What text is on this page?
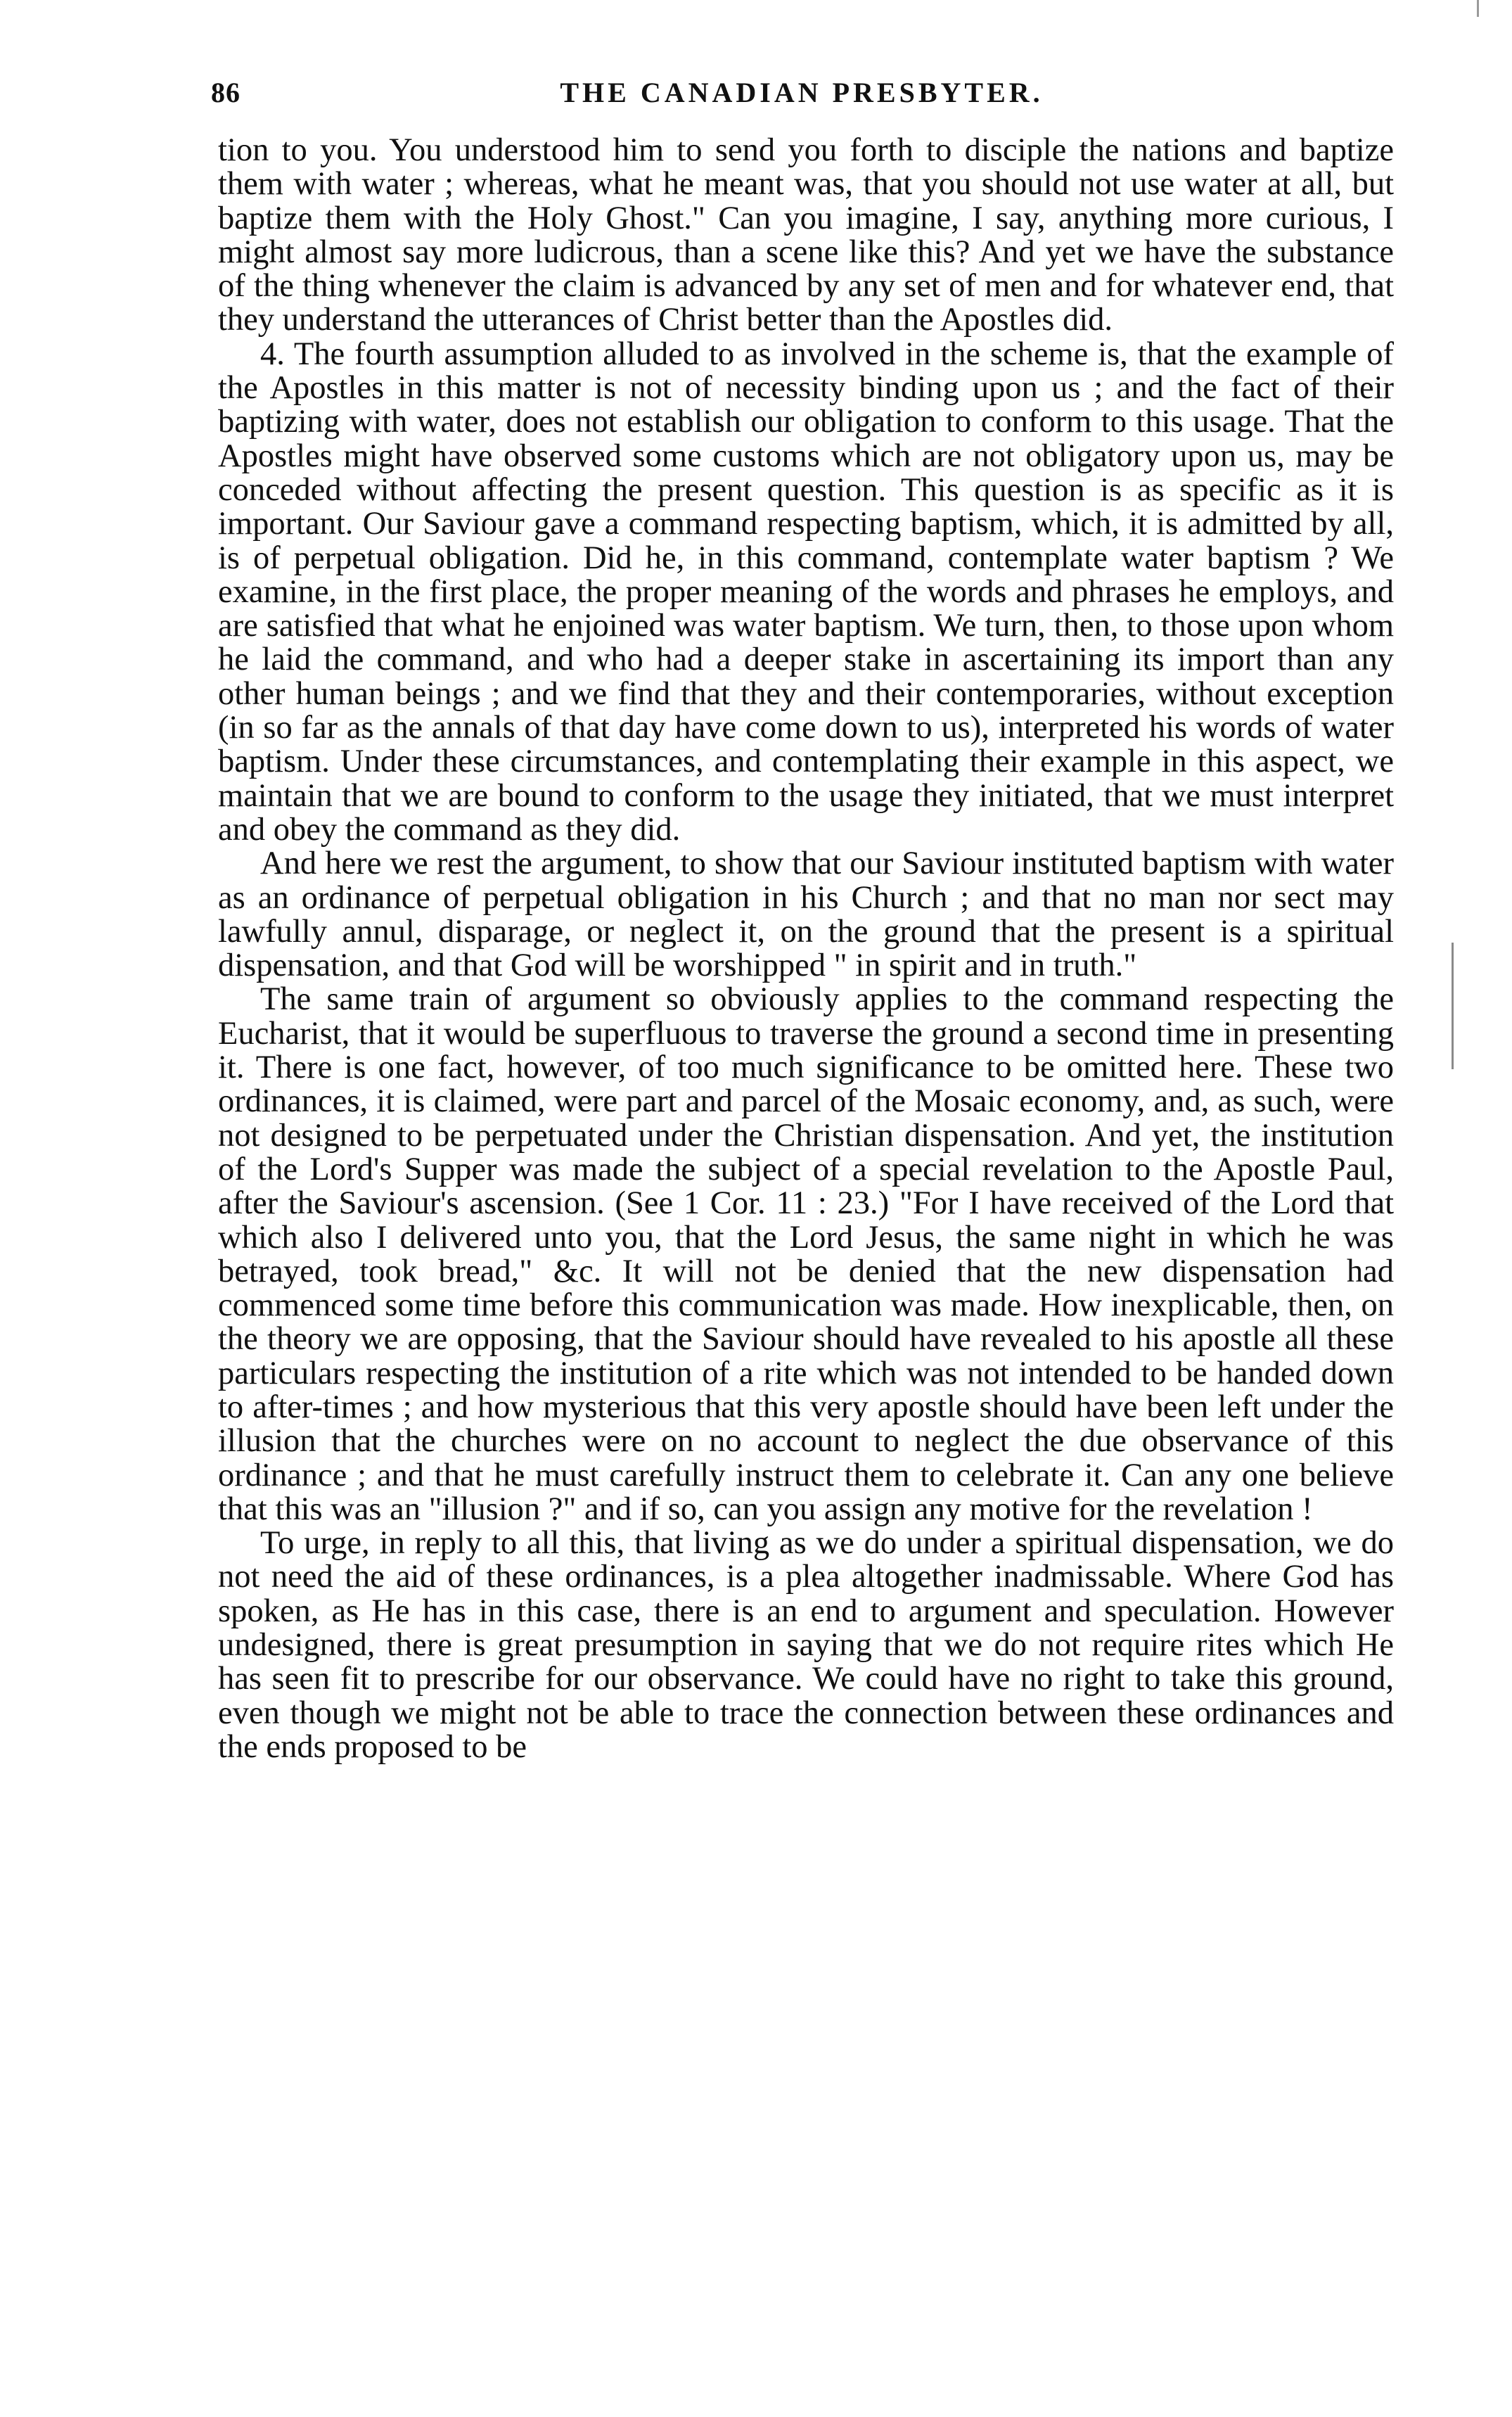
86	THE CANADIAN PRESBYTER.

tion to you. You understood him to send you forth to disciple the nations and baptize them with water ; whereas, what he meant was, that you should not use water at all, but baptize them with the Holy Ghost." Can you imagine, I say, anything more curious, I might almost say more ludicrous, than a scene like this? And yet we have the substance of the thing whenever the claim is advanced by any set of men and for whatever end, that they understand the utterances of Christ better than the Apostles did.

4. The fourth assumption alluded to as involved in the scheme is, that the example of the Apostles in this matter is not of necessity binding upon us ; and the fact of their baptizing with water, does not establish our obligation to conform to this usage. That the Apostles might have observed some customs which are not obligatory upon us, may be conceded without affecting the present question. This question is as specific as it is important. Our Saviour gave a command respecting baptism, which, it is admitted by all, is of perpetual obligation. Did he, in this command, contemplate water baptism ? We examine, in the first place, the proper meaning of the words and phrases he employs, and are satisfied that what he enjoined was water baptism. We turn, then, to those upon whom he laid the command, and who had a deeper stake in ascertaining its import than any other human beings ; and we find that they and their contemporaries, without exception (in so far as the annals of that day have come down to us), interpreted his words of water baptism. Under these circumstances, and contemplating their example in this aspect, we maintain that we are bound to conform to the usage they initiated, that we must interpret and obey the command as they did.

And here we rest the argument, to show that our Saviour instituted baptism with water as an ordinance of perpetual obligation in his Church ; and that no man nor sect may lawfully annul, disparage, or neglect it, on the ground that the present is a spiritual dispensation, and that God will be worshipped " in spirit and in truth."

The same train of argument so obviously applies to the command respecting the Eucharist, that it would be superfluous to traverse the ground a second time in presenting it. There is one fact, however, of too much significance to be omitted here. These two ordinances, it is claimed, were part and parcel of the Mosaic economy, and, as such, were not designed to be perpetuated under the Christian dispensation. And yet, the institution of the Lord's Supper was made the subject of a special revelation to the Apostle Paul, after the Saviour's ascension. (See 1 Cor. 11 : 23.) "For I have received of the Lord that which also I delivered unto you, that the Lord Jesus, the same night in which he was betrayed, took bread," &c. It will not be denied that the new dispensation had commenced some time before this communication was made. How inexplicable, then, on the theory we are opposing, that the Saviour should have revealed to his apostle all these particulars respecting the institution of a rite which was not intended to be handed down to after-times ; and how mysterious that this very apostle should have been left under the illusion that the churches were on no account to neglect the due observance of this ordinance ; and that he must carefully instruct them to celebrate it. Can any one believe that this was an "illusion ?" and if so, can you assign any motive for the revelation !

To urge, in reply to all this, that living as we do under a spiritual dispensation, we do not need the aid of these ordinances, is a plea altogether inadmissable. Where God has spoken, as He has in this case, there is an end to argument and speculation. However undesigned, there is great presumption in saying that we do not require rites which He has seen fit to prescribe for our observance. We could have no right to take this ground, even though we might not be able to trace the connection between these ordinances and the ends proposed to be
